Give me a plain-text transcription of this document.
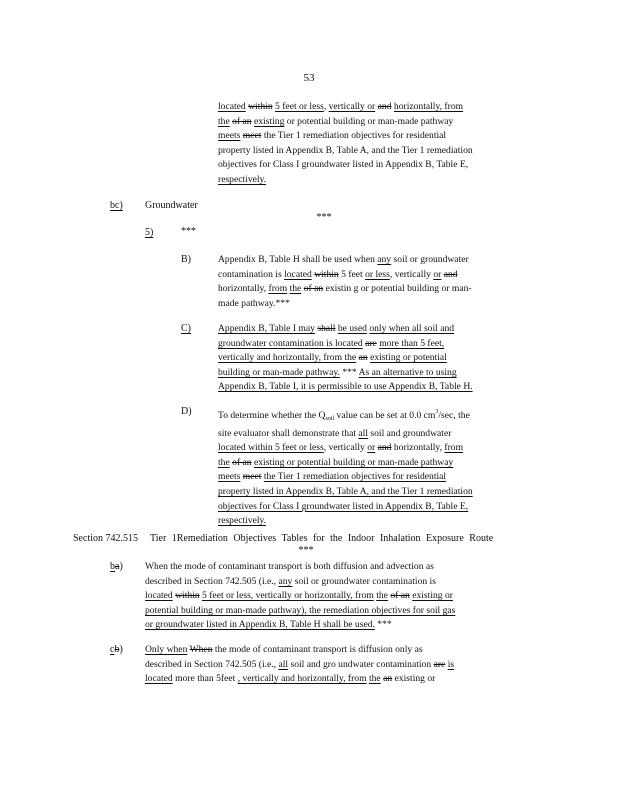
53
located within 5 feet or less, vertically or and horizontally, from
the of an existing or potential building or man-made pathway
meets meet the Tier 1 remediation objectives for residential
property listed in Appendix B, Table A, and the Tier 1 remediation
objectives for Class I groundwater listed in Appendix B, Table E,
respectively.
bc) Groundwater
***
5)	***
B)	Appendix B, Table H shall be used when any soil or groundwater
contamination is located within 5 feet or less, vertically or and
horizontally, from the of an existin g or potential building or man-
made pathway.***
C)	Appendix B, Table I may shall be used only when all soil and
groundwater contamination is located are more than 5 feet,
vertically and horizontally, from the an existing or potential
building or man-made pathway. *** As an alternative to using
Appendix B, Table I, it is permissible to use Appendix B, Table H.
D)	To determine whether the $Q_{soil}$ value can be set at 0.0 $cm^3/\sec$, the
site evaluator shall demonstrate that all soil and groundwater
located within 5 feet or less, vertically or and horizontally, from
the of an existing or potential building or man-made pathway
meets meet the Tier 1 remediation objectives for residential
property listed in Appendix B, Table A, and the Tier 1 remediation
objectives for Class I groundwater listed in Appendix B, Table E,
respectively.
Section 742.515 Tier 1Remediation Objectives Tables for the Indoor Inhalation Exposure Route
***
ba) When the mode of contaminant transport is both diffusion and advection as
described in Section 742.505 (i.e., any soil or groundwater contamination is
located within 5 feet or less, vertically or horizontally, from the of an existing or
potential building or man-made pathway), the remediation objectives for soil gas
or groundwater listed in Appendix B, Table H shall be used. ***
cb) Only when When the mode of contaminant transport is diffusion only as
described in Section 742.505 (i.e., all soil and gro undwater contamination are is
located more than 5feet , vertically and horizontally, from the an existing or
